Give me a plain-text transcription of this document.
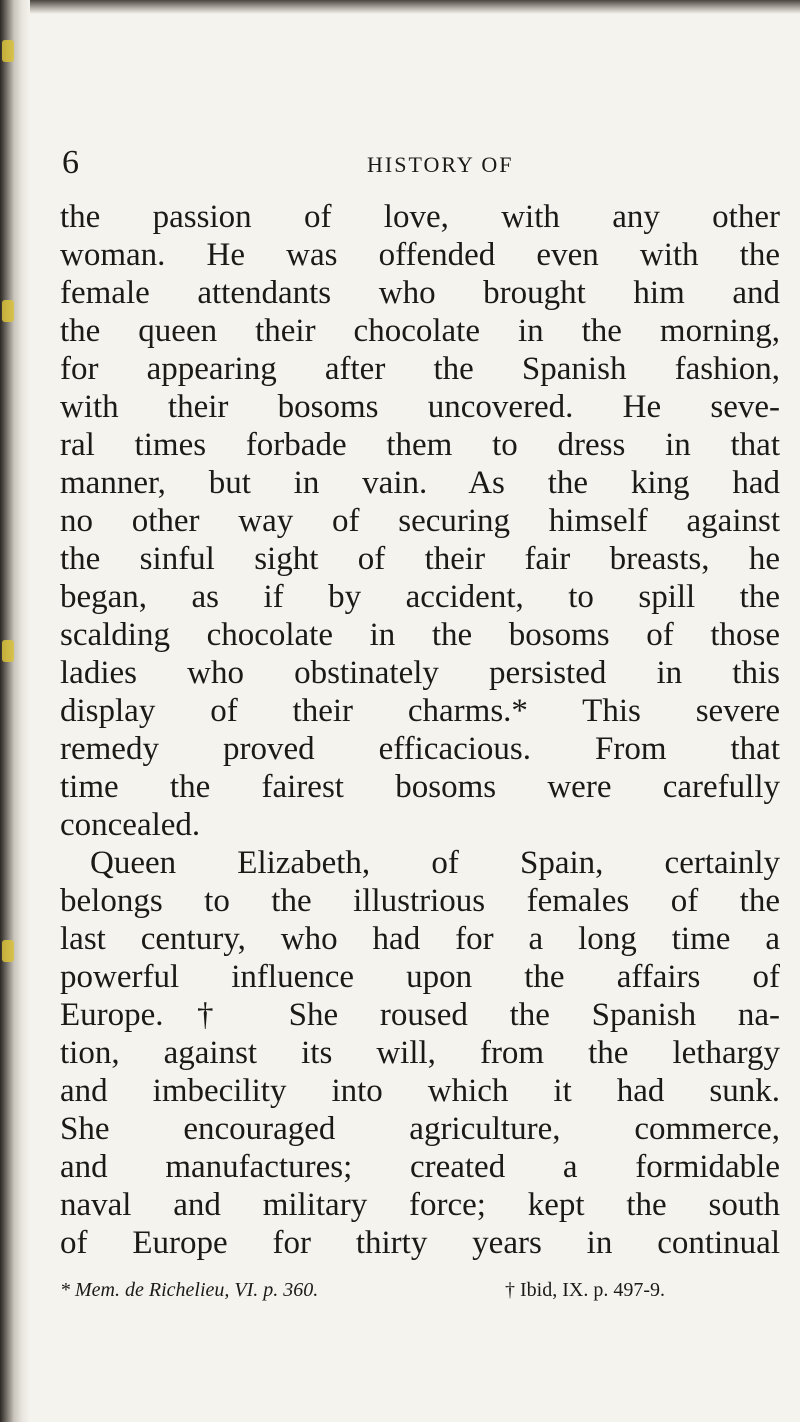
6	HISTORY OF
the passion of love, with any other
woman. He was offended even with the
female attendants who brought him and
the queen their chocolate in the morning,
for appearing after the Spanish fashion,
with their bosoms uncovered. He seve-
ral times forbade them to dress in that
manner, but in vain. As the king had
no other way of securing himself against
the sinful sight of their fair breasts, he
began, as if by accident, to spill the
scalding chocolate in the bosoms of those
ladies who obstinately persisted in this
display of their charms.* This severe
remedy proved efficacious. From that
time the fairest bosoms were carefully
concealed.
Queen Elizabeth, of Spain, certainly
belongs to the illustrious females of the
last century, who had for a long time a
powerful influence upon the affairs of
Europe.† She roused the Spanish na-
tion, against its will, from the lethargy
and imbecility into which it had sunk.
She encouraged agriculture, commerce,
and manufactures; created a formidable
naval and military force; kept the south
of Europe for thirty years in continual
* Mem. de Richelieu, VI. p. 360.	† Ibid, IX. p. 497-9.
